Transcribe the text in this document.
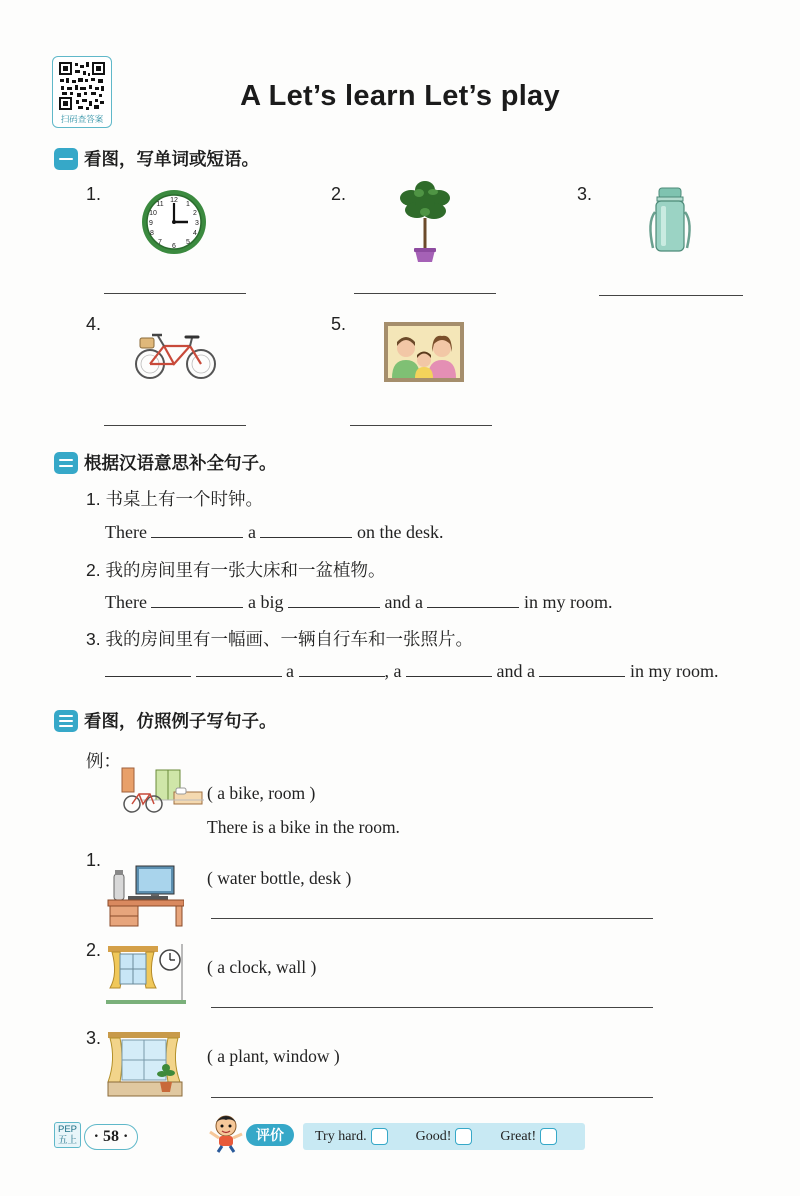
扫码查答案
A Let’s learn Let’s play
看图，写单词或短语。
1.	2.	3.
4.	5.
12
1
2
3
4
5
6
7
8
9
10
11
根据汉语意思补全句子。
1. 书桌上有一个时钟。
There	a	on the desk.
2. 我的房间里有一张大床和一盆植物。
There	a big	and a	in my room.
3. 我的房间里有一幅画、一辆自行车和一张照片。
a	, a	and a	in my room.
看图，仿照例子写句子。
例：
( a bike, room )
There is a bike in the room.
1.
( water bottle, desk )
2.
( a clock, wall )
3.
( a plant, window )
PEP
五上	· 58 ·	评价	Try hard.	Good!	Great!
